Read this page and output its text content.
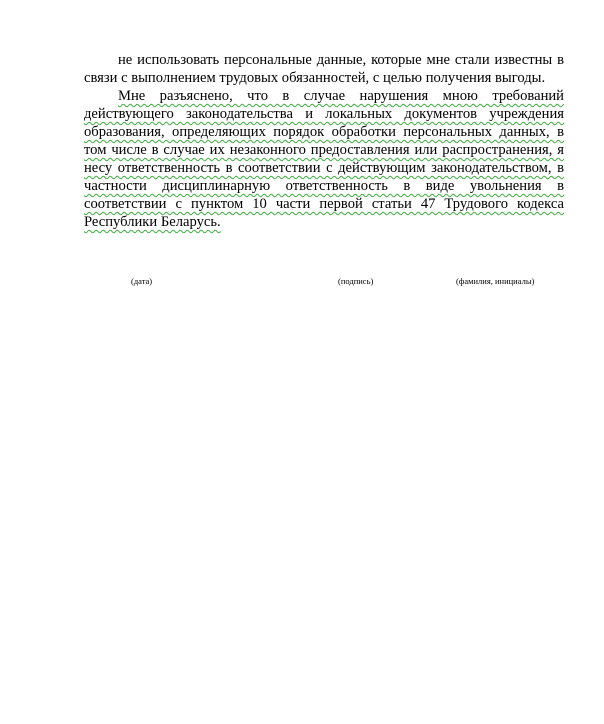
не использовать персональные данные, которые мне стали известны в связи с выполнением трудовых обязанностей, с целью получения выгоды.

Мне разъяснено, что в случае нарушения мною требований действующего законодательства и локальных документов учреждения образования, определяющих порядок обработки персональных данных, в том числе в случае их незаконного предоставления или распространения, я несу ответственность в соответствии с действующим законодательством, в частности дисциплинарную ответственность в виде увольнения в соответствии с пунктом 10 части первой статьи 47 Трудового кодекса Республики Беларусь.

(дата)	(подпись)	(фамилия, инициалы)
